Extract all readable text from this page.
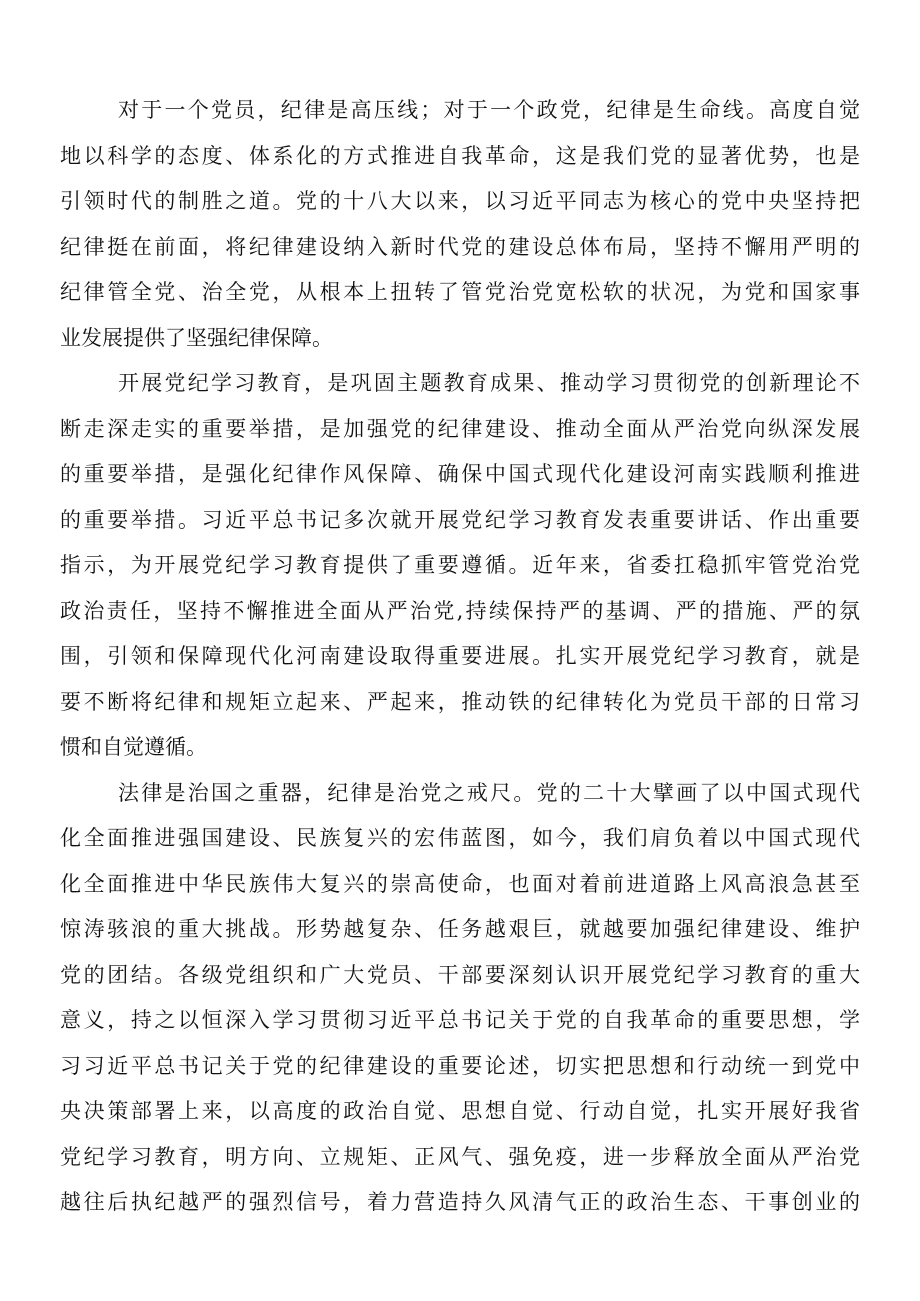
对于一个党员，纪律是高压线；对于一个政党，纪律是生命线。高度自觉
地以科学的态度、体系化的方式推进自我革命，这是我们党的显著优势，也是
引领时代的制胜之道。党的十八大以来，以习近平同志为核心的党中央坚持把
纪律挺在前面，将纪律建设纳入新时代党的建设总体布局，坚持不懈用严明的
纪律管全党、治全党，从根本上扭转了管党治党宽松软的状况，为党和国家事
业发展提供了坚强纪律保障。
开展党纪学习教育，是巩固主题教育成果、推动学习贯彻党的创新理论不
断走深走实的重要举措，是加强党的纪律建设、推动全面从严治党向纵深发展
的重要举措，是强化纪律作风保障、确保中国式现代化建设河南实践顺利推进
的重要举措。习近平总书记多次就开展党纪学习教育发表重要讲话、作出重要
指示，为开展党纪学习教育提供了重要遵循。近年来，省委扛稳抓牢管党治党
政治责任，坚持不懈推进全面从严治党,持续保持严的基调、严的措施、严的氛
围，引领和保障现代化河南建设取得重要进展。扎实开展党纪学习教育，就是
要不断将纪律和规矩立起来、严起来，推动铁的纪律转化为党员干部的日常习
惯和自觉遵循。
法律是治国之重器，纪律是治党之戒尺。党的二十大擘画了以中国式现代
化全面推进强国建设、民族复兴的宏伟蓝图，如今，我们肩负着以中国式现代
化全面推进中华民族伟大复兴的崇高使命，也面对着前进道路上风高浪急甚至
惊涛骇浪的重大挑战。形势越复杂、任务越艰巨，就越要加强纪律建设、维护
党的团结。各级党组织和广大党员、干部要深刻认识开展党纪学习教育的重大
意义，持之以恒深入学习贯彻习近平总书记关于党的自我革命的重要思想，学
习习近平总书记关于党的纪律建设的重要论述，切实把思想和行动统一到党中
央决策部署上来，以高度的政治自觉、思想自觉、行动自觉，扎实开展好我省
党纪学习教育，明方向、立规矩、正风气、强免疫，进一步释放全面从严治党
越往后执纪越严的强烈信号，着力营造持久风清气正的政治生态、干事创业的
